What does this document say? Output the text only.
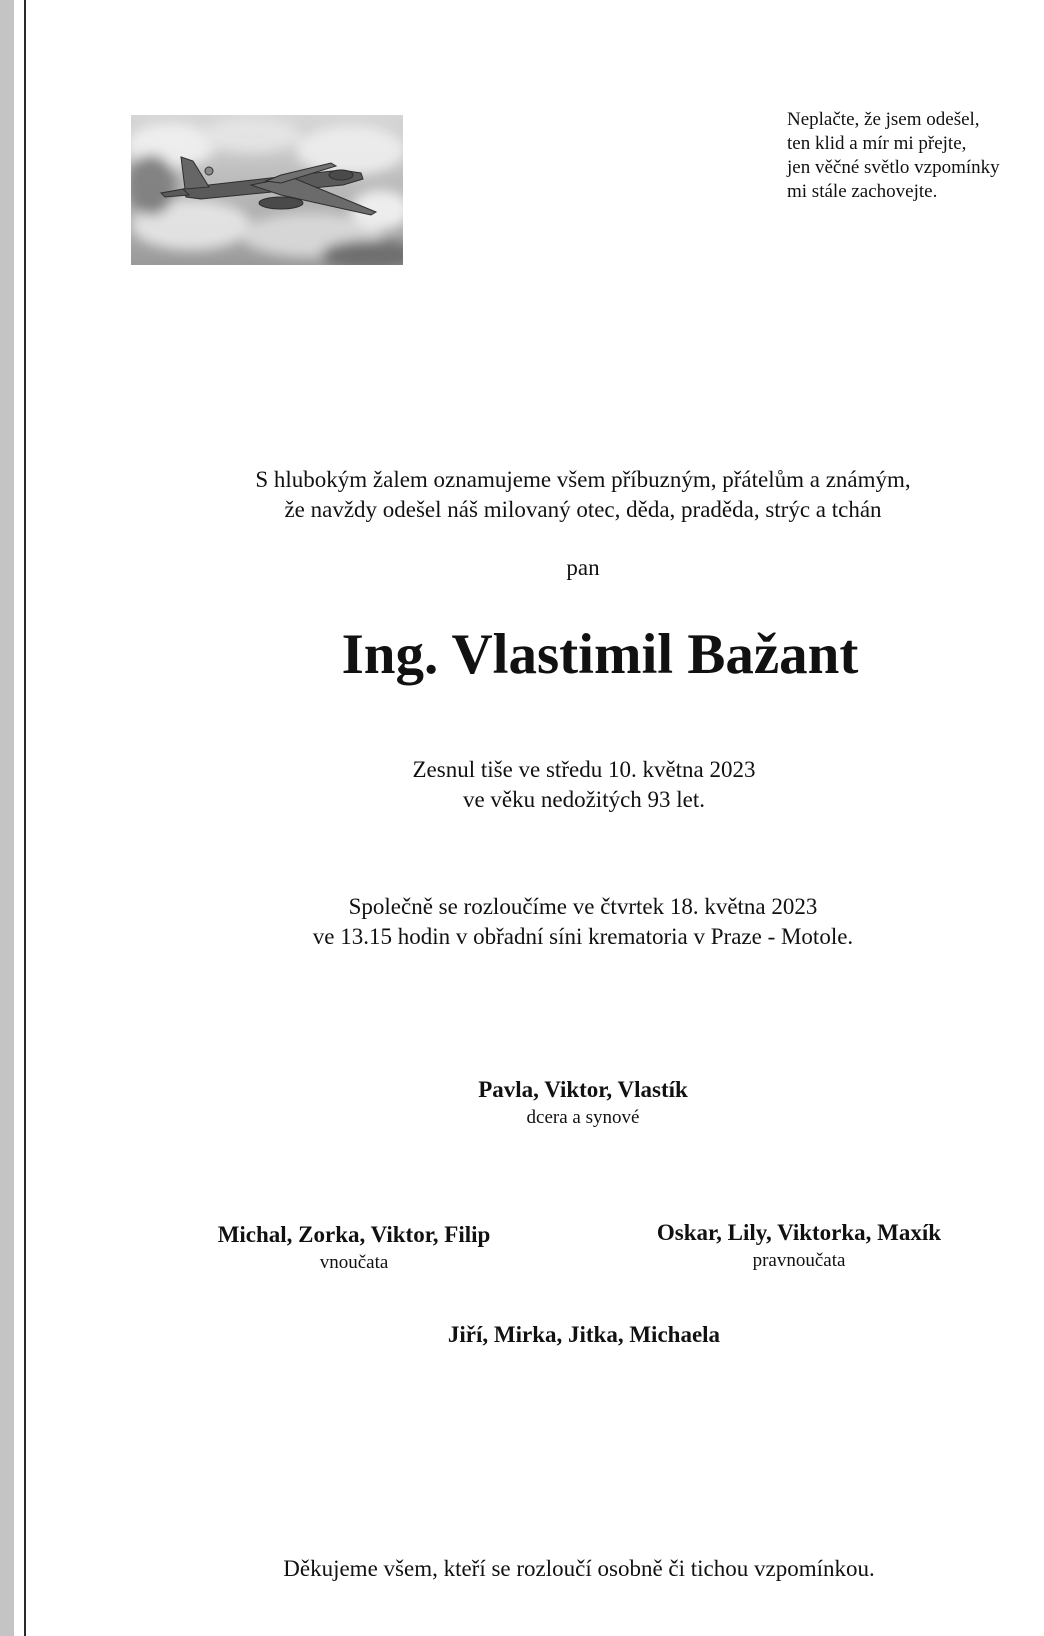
Neplačte, že jsem odešel,
ten klid a mír mi přejte,
jen věčné světlo vzpomínky
mi stále zachovejte.
S hlubokým žalem oznamujeme všem příbuzným, přátelům a známým,
že navždy odešel náš milovaný otec, děda, praděda, strýc a tchán
pan
Ing. Vlastimil Bažant
Zesnul tiše ve středu 10. května 2023
ve věku nedožitých 93 let.
Společně se rozloučíme ve čtvrtek 18. května 2023
ve 13.15 hodin v obřadní síni krematoria v Praze - Motole.
Pavla, Viktor, Vlastík
dcera a synové
Michal, Zorka, Viktor, Filip
vnoučata
Oskar, Lily, Viktorka, Maxík
pravnoučata
Jiří, Mirka, Jitka, Michaela
Děkujeme všem, kteří se rozloučí osobně či tichou vzpomínkou.
